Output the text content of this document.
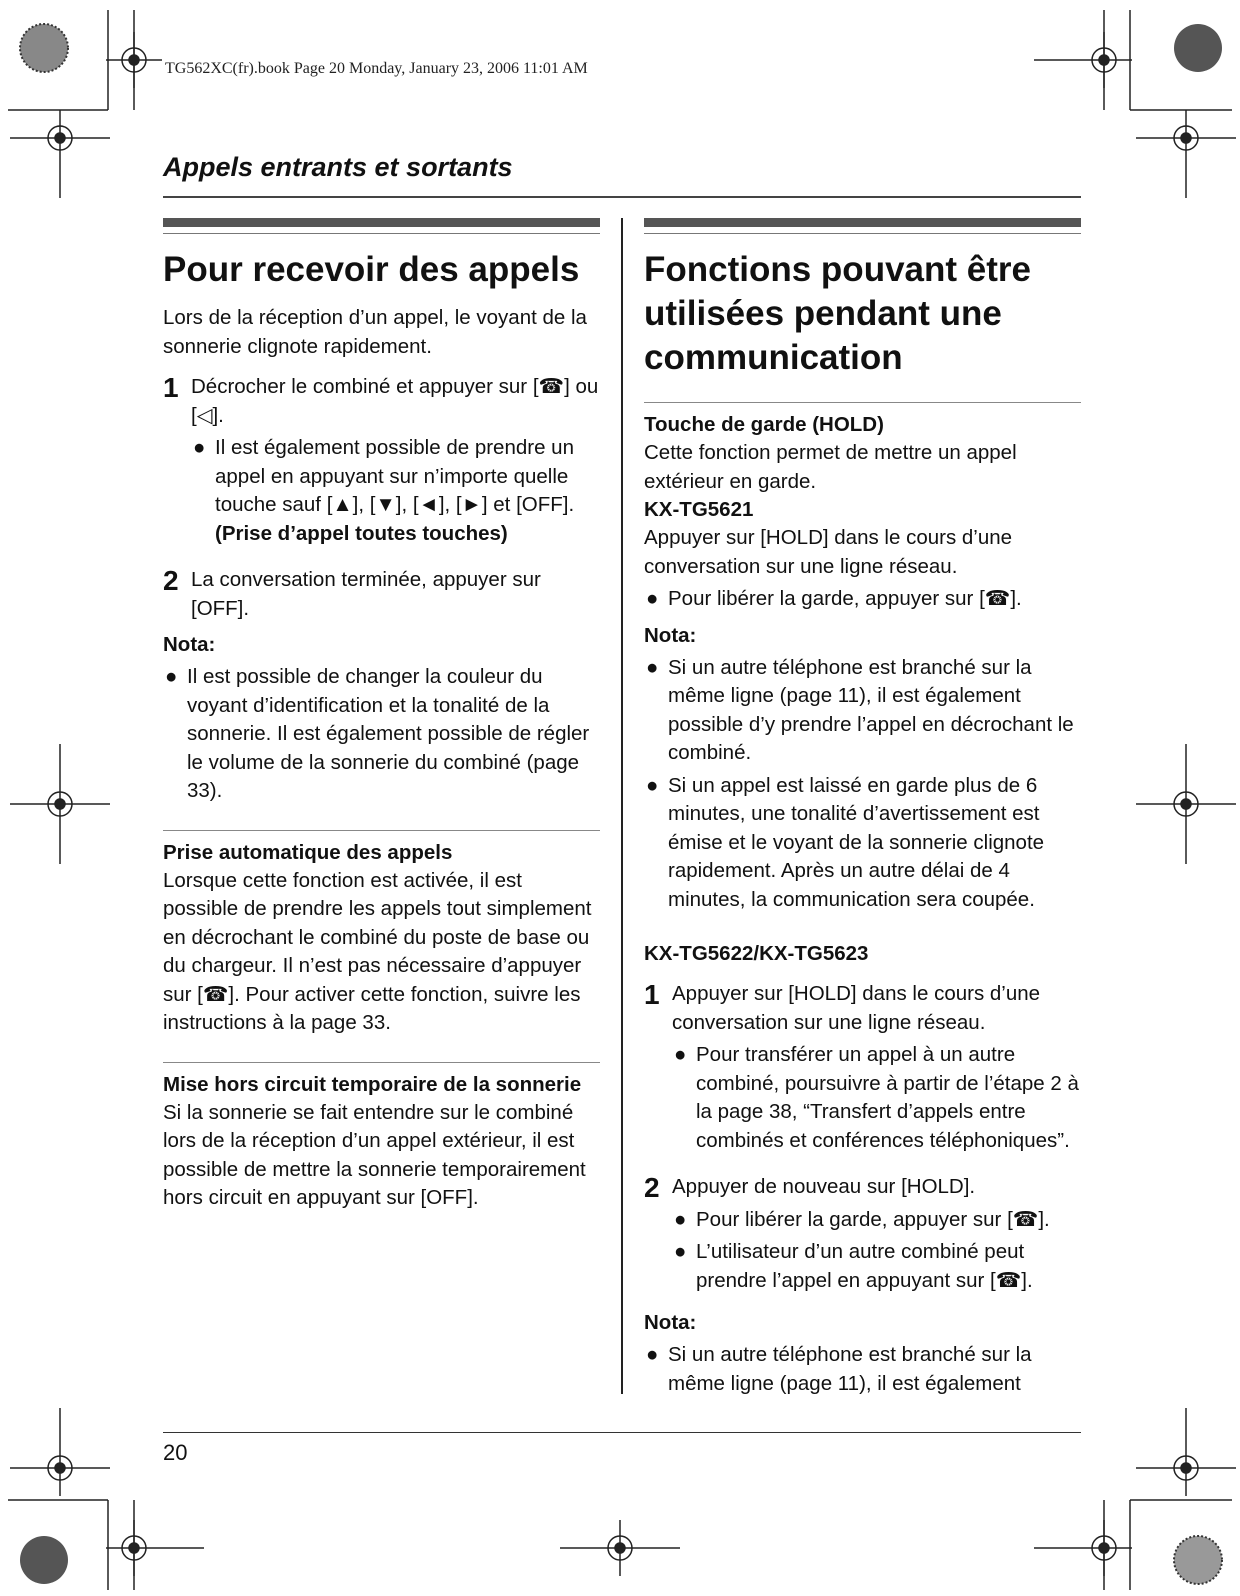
TG562XC(fr).book Page 20 Monday, January 23, 2006 11:01 AM
Appels entrants et sortants
Pour recevoir des appels

Lors de la réception d’un appel, le voyant de la sonnerie clignote rapidement.

1 Décrocher le combiné et appuyer sur [☎] ou [◁].
● Il est également possible de prendre un appel en appuyant sur n’importe quelle touche sauf [▲], [▼], [◄], [►] et [OFF]. (Prise d’appel toutes touches)
2 La conversation terminée, appuyer sur [OFF].
Nota:
● Il est possible de changer la couleur du voyant d’identification et la tonalité de la sonnerie. Il est également possible de régler le volume de la sonnerie du combiné (page 33).
Prise automatique des appels

Lorsque cette fonction est activée, il est possible de prendre les appels tout simplement en décrochant le combiné du poste de base ou du chargeur. Il n’est pas nécessaire d’appuyer sur [☎]. Pour activer cette fonction, suivre les instructions à la page 33.

Mise hors circuit temporaire de la sonnerie

Si la sonnerie se fait entendre sur le combiné lors de la réception d’un appel extérieur, il est possible de mettre la sonnerie temporairement hors circuit en appuyant sur [OFF].

Fonctions pouvant être utilisées pendant une communication
Touche de garde (HOLD)

Cette fonction permet de mettre un appel extérieur en garde.

KX-TG5621

Appuyer sur [HOLD] dans le cours d’une conversation sur une ligne réseau.

● Pour libérer la garde, appuyer sur [☎].
Nota:
● Si un autre téléphone est branché sur la même ligne (page 11), il est également possible d’y prendre l’appel en décrochant le combiné.
● Si un appel est laissé en garde plus de 6 minutes, une tonalité d’avertissement est émise et le voyant de la sonnerie clignote rapidement. Après un autre délai de 4 minutes, la communication sera coupée.
KX-TG5622/KX-TG5623
1 Appuyer sur [HOLD] dans le cours d’une conversation sur une ligne réseau.
● Pour transférer un appel à un autre combiné, poursuivre à partir de l’étape 2 à la page 38, “Transfert d’appels entre combinés et conférences téléphoniques”.
2 Appuyer de nouveau sur [HOLD].
● Pour libérer la garde, appuyer sur [☎].
● L’utilisateur d’un autre combiné peut prendre l’appel en appuyant sur [☎].
Nota:
● Si un autre téléphone est branché sur la même ligne (page 11), il est également
20
